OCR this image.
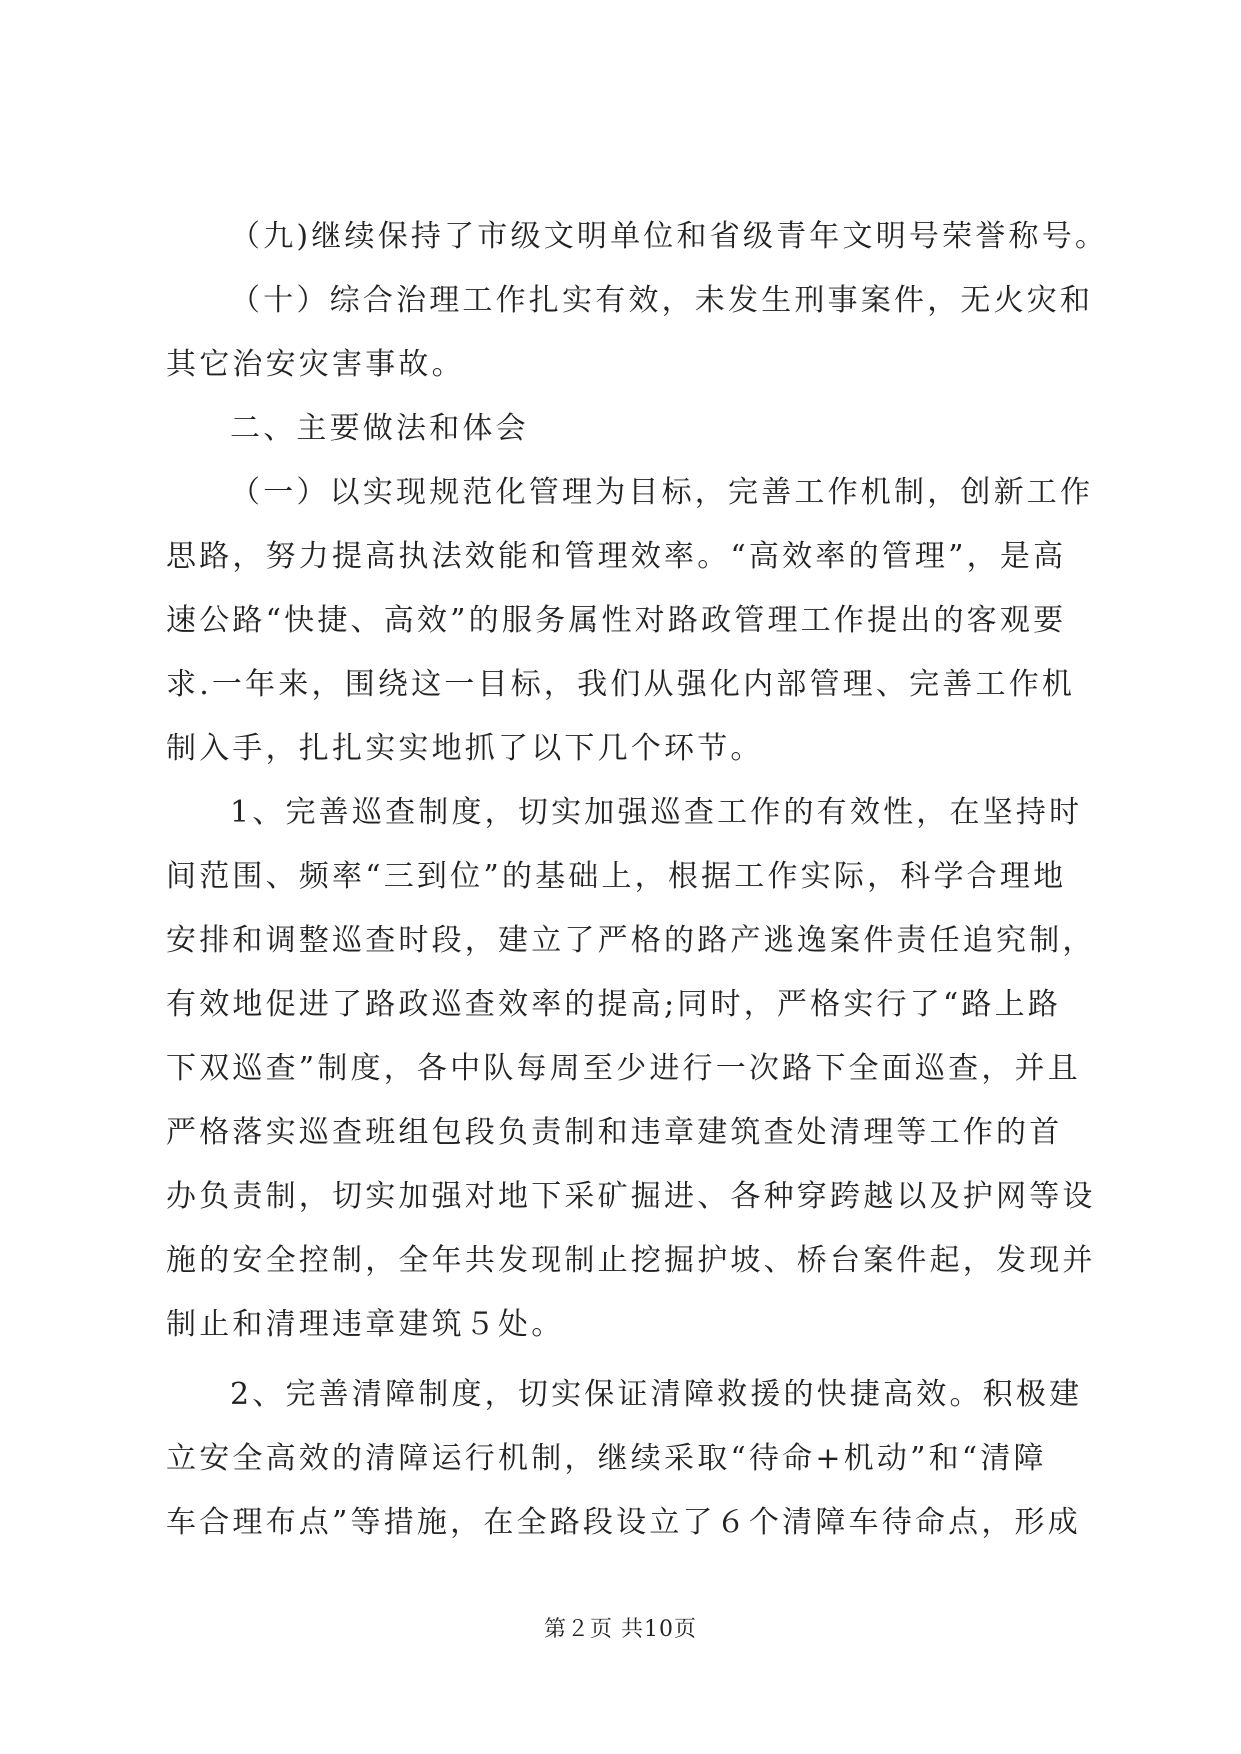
（九)继续保持了市级文明单位和省级青年文明号荣誉称号。
（十）综合治理工作扎实有效，未发生刑事案件，无火灾和
其它治安灾害事故。
二、主要做法和体会
（一）以实现规范化管理为目标，完善工作机制，创新工作
思路，努力提高执法效能和管理效率。“高效率的管理”，是高
速公路“快捷、高效”的服务属性对路政管理工作提出的客观要
求.一年来，围绕这一目标，我们从强化内部管理、完善工作机
制入手，扎扎实实地抓了以下几个环节。
1、完善巡查制度，切实加强巡查工作的有效性，在坚持时
间范围、频率“三到位”的基础上，根据工作实际，科学合理地
安排和调整巡查时段，建立了严格的路产逃逸案件责任追究制，
有效地促进了路政巡查效率的提高;同时，严格实行了“路上路
下双巡查”制度，各中队每周至少进行一次路下全面巡查，并且
严格落实巡查班组包段负责制和违章建筑查处清理等工作的首
办负责制，切实加强对地下采矿掘进、各种穿跨越以及护网等设
施的安全控制，全年共发现制止挖掘护坡、桥台案件起，发现并
制止和清理违章建筑５处。
2、完善清障制度，切实保证清障救援的快捷高效。积极建
立安全高效的清障运行机制，继续采取“待命+机动”和“清障
车合理布点”等措施，在全路段设立了６个清障车待命点，形成
第２页 共10页
